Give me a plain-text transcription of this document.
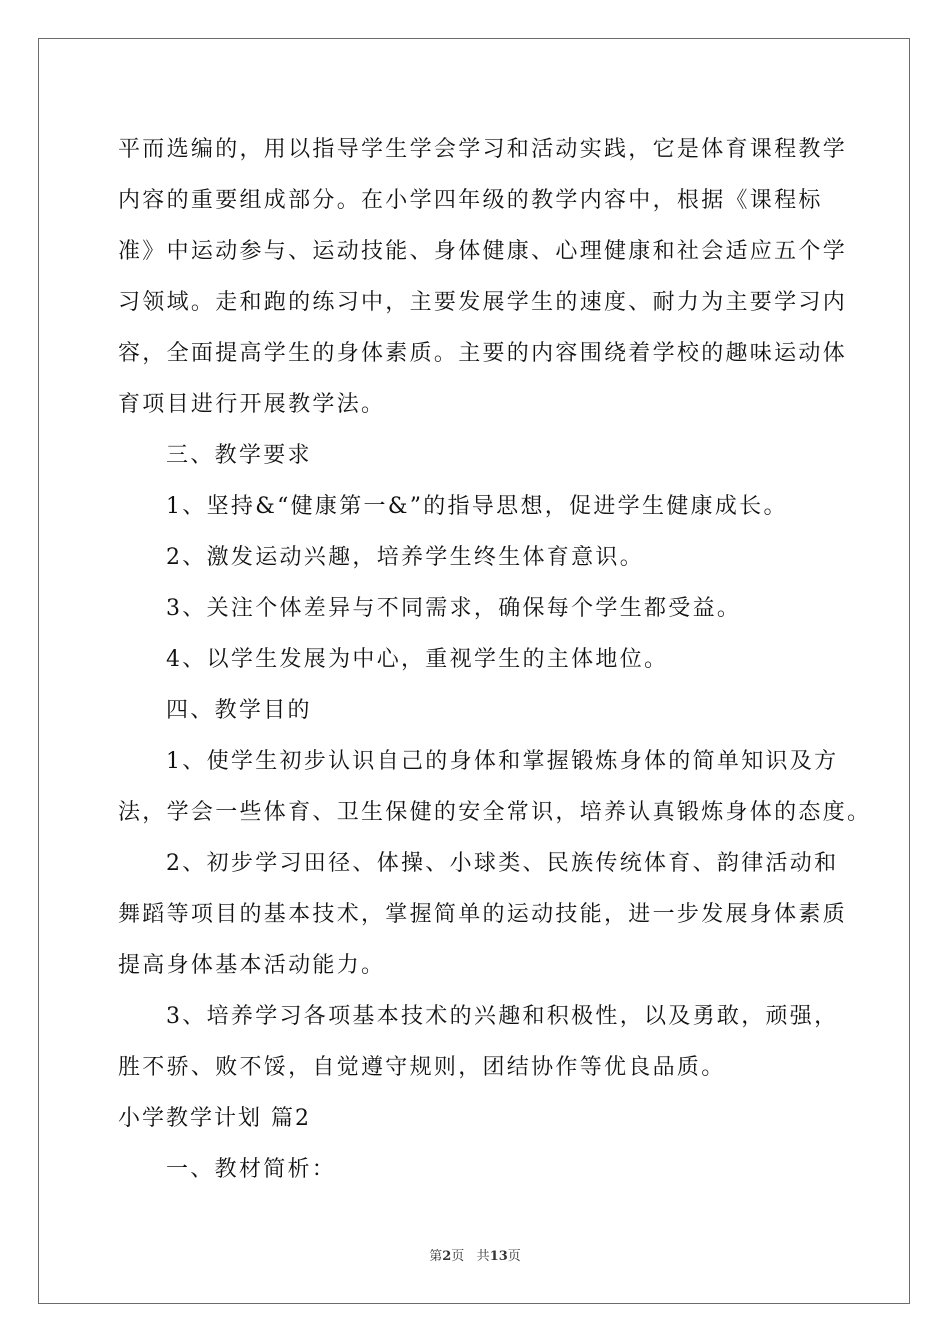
平而选编的，用以指导学生学会学习和活动实践，它是体育课程教学
内容的重要组成部分。在小学四年级的教学内容中，根据《课程标
准》中运动参与、运动技能、身体健康、心理健康和社会适应五个学
习领域。走和跑的练习中，主要发展学生的速度、耐力为主要学习内
容，全面提高学生的身体素质。主要的内容围绕着学校的趣味运动体
育项目进行开展教学法。
三、教学要求
1、坚持&“健康第一&”的指导思想，促进学生健康成长。
2、激发运动兴趣，培养学生终生体育意识。
3、关注个体差异与不同需求，确保每个学生都受益。
4、以学生发展为中心，重视学生的主体地位。
四、教学目的
1、使学生初步认识自己的身体和掌握锻炼身体的简单知识及方
法，学会一些体育、卫生保健的安全常识，培养认真锻炼身体的态度。
2、初步学习田径、体操、小球类、民族传统体育、韵律活动和
舞蹈等项目的基本技术，掌握简单的运动技能，进一步发展身体素质
提高身体基本活动能力。
3、培养学习各项基本技术的兴趣和积极性，以及勇敢，顽强，
胜不骄、败不馁，自觉遵守规则，团结协作等优良品质。
小学教学计划 篇2
一、教材简析：
第2页 共13页
